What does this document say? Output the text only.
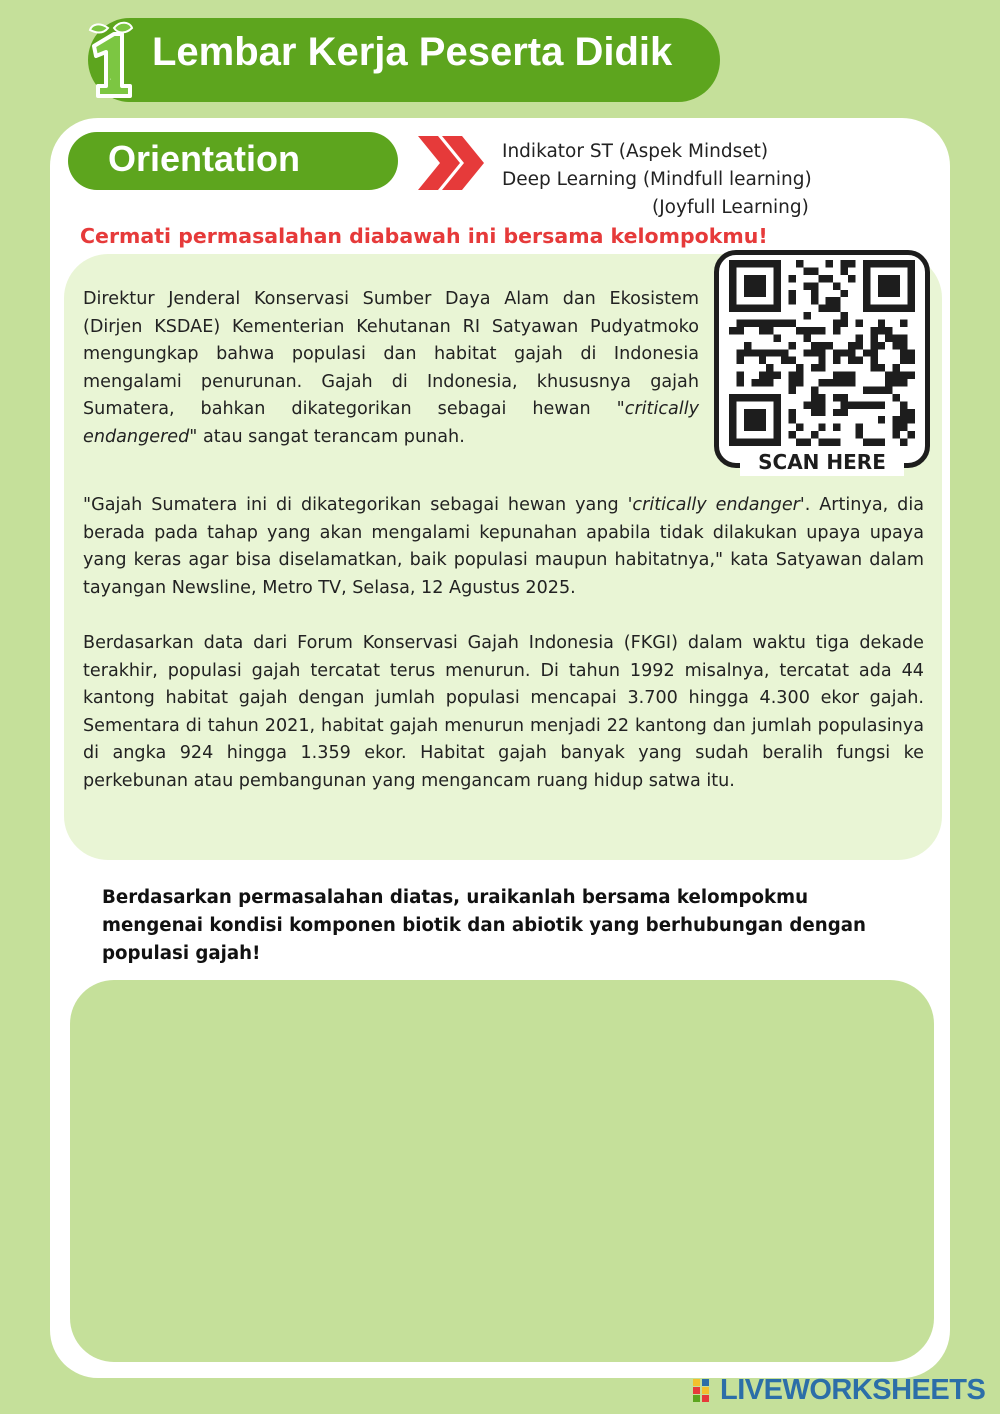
1
Lembar Kerja Peserta Didik
Orientation	Indikator ST (Aspek Mindset)
Deep Learning (Mindfull learning)
(Joyfull Learning)
Cermati permasalahan diabawah ini bersama kelompokmu!

Direktur Jenderal Konservasi Sumber Daya Alam dan Ekosistem (Dirjen KSDAE) Kementerian Kehutanan RI Satyawan Pudyatmoko mengungkap bahwa populasi dan habitat gajah di Indonesia mengalami penurunan. Gajah di Indonesia, khususnya gajah Sumatera, bahkan dikategorikan sebagai hewan "critically endangered" atau sangat terancam punah.

"Gajah Sumatera ini di dikategorikan sebagai hewan yang 'critically endanger'. Artinya, dia berada pada tahap yang akan mengalami kepunahan apabila tidak dilakukan upaya upaya yang keras agar bisa diselamatkan, baik populasi maupun habitatnya," kata Satyawan dalam tayangan Newsline, Metro TV, Selasa, 12 Agustus 2025.

Berdasarkan data dari Forum Konservasi Gajah Indonesia (FKGI) dalam waktu tiga dekade terakhir, populasi gajah tercatat terus menurun. Di tahun 1992 misalnya, tercatat ada 44 kantong habitat gajah dengan jumlah populasi mencapai 3.700 hingga 4.300 ekor gajah. Sementara di tahun 2021, habitat gajah menurun menjadi 22 kantong dan jumlah populasinya di angka 924 hingga 1.359 ekor. Habitat gajah banyak yang sudah beralih fungsi ke perkebunan atau pembangunan yang mengancam ruang hidup satwa itu.

SCAN HERE
Berdasarkan permasalahan diatas, uraikanlah bersama kelompokmu mengenai kondisi komponen biotik dan abiotik yang berhubungan dengan populasi gajah!
LIVEWORKSHEETS
